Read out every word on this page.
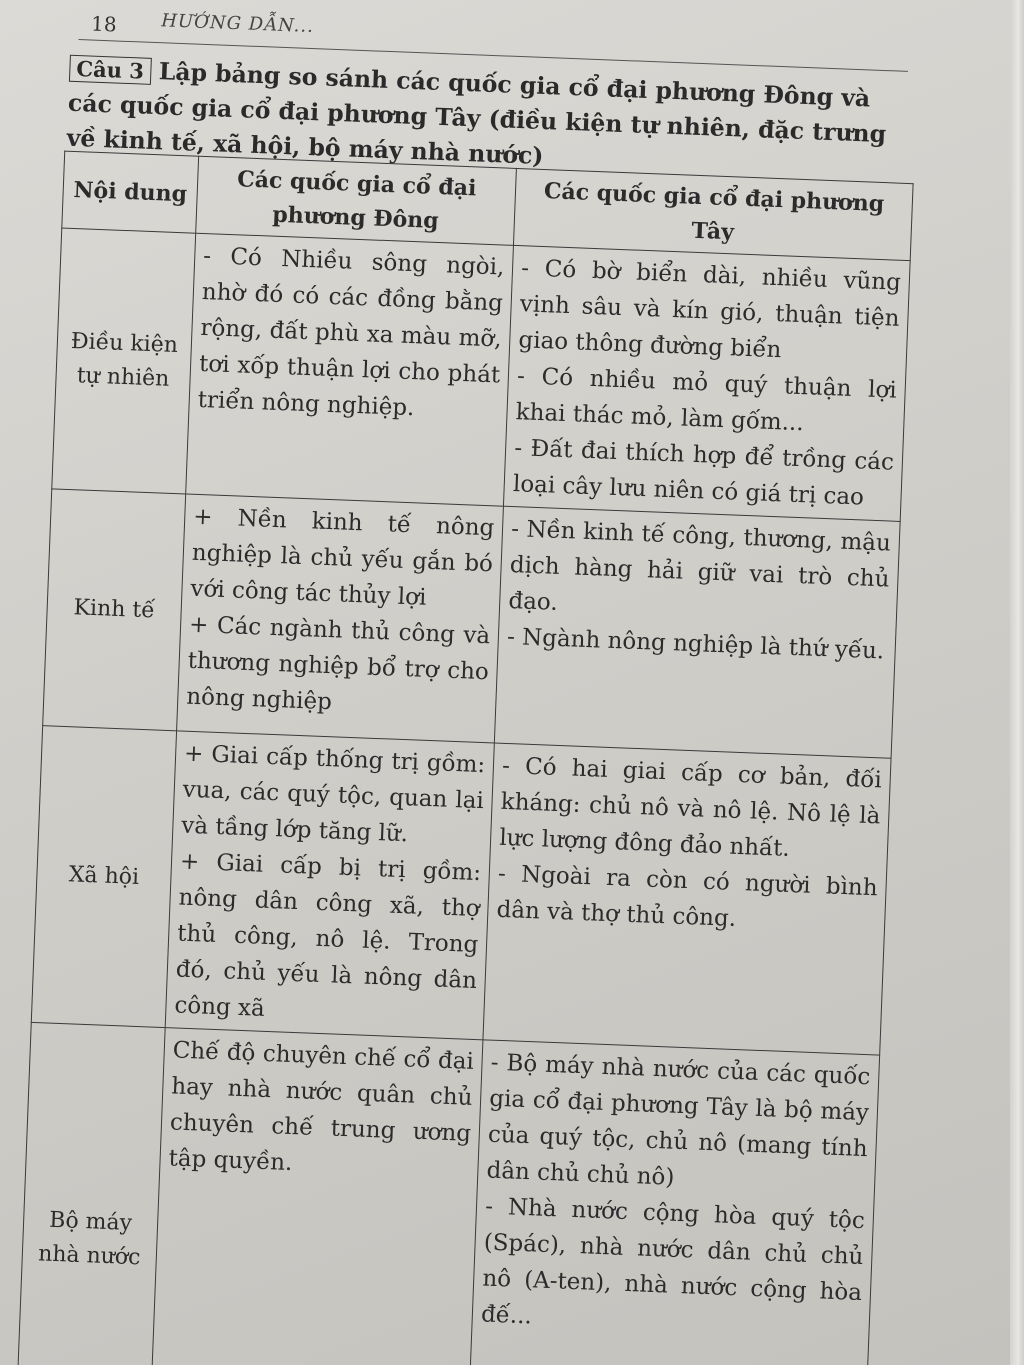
18 HƯỚNG DẪN...
Câu 3 Lập bảng so sánh các quốc gia cổ đại phương Đông và các quốc gia cổ đại phương Tây (điều kiện tự nhiên, đặc trưng về kinh tế, xã hội, bộ máy nhà nước)
Nội dung	Các quốc gia cổ đại phương Đông	Các quốc gia cổ đại phương Tây
Điều kiện tự nhiên	- Có Nhiều sông ngòi, nhờ đó có các đồng bằng rộng, đất phù xa màu mỡ, tơi xốp thuận lợi cho phát triển nông nghiệp.	- Có bờ biển dài, nhiều vũng vịnh sâu và kín gió, thuận tiện giao thông đường biển
- Có nhiều mỏ quý thuận lợi khai thác mỏ, làm gốm...
- Đất đai thích hợp để trồng các loại cây lưu niên có giá trị cao

Kinh tế	+ Nền kinh tế nông nghiệp là chủ yếu gắn bó với công tác thủy lợi
+ Các ngành thủ công và thương nghiệp bổ trợ cho nông nghiệp	- Nền kinh tế công, thương, mậu dịch hàng hải giữ vai trò chủ đạo.
- Ngành nông nghiệp là thứ yếu.

Xã hội	+ Giai cấp thống trị gồm: vua, các quý tộc, quan lại và tầng lớp tăng lữ.
+ Giai cấp bị trị gồm: nông dân công xã, thợ thủ công, nô lệ. Trong đó, chủ yếu là nông dân công xã	- Có hai giai cấp cơ bản, đối kháng: chủ nô và nô lệ. Nô lệ là lực lượng đông đảo nhất.
- Ngoài ra còn có người bình dân và thợ thủ công.

Bộ máy nhà nước	Chế độ chuyên chế cổ đại hay nhà nước quân chủ chuyên chế trung ương tập quyền.	- Bộ máy nhà nước của các quốc gia cổ đại phương Tây là bộ máy của quý tộc, chủ nô (mang tính dân chủ chủ nô)
- Nhà nước cộng hòa quý tộc (Spác), nhà nước dân chủ chủ nô (A-ten), nhà nước cộng hòa đế...
